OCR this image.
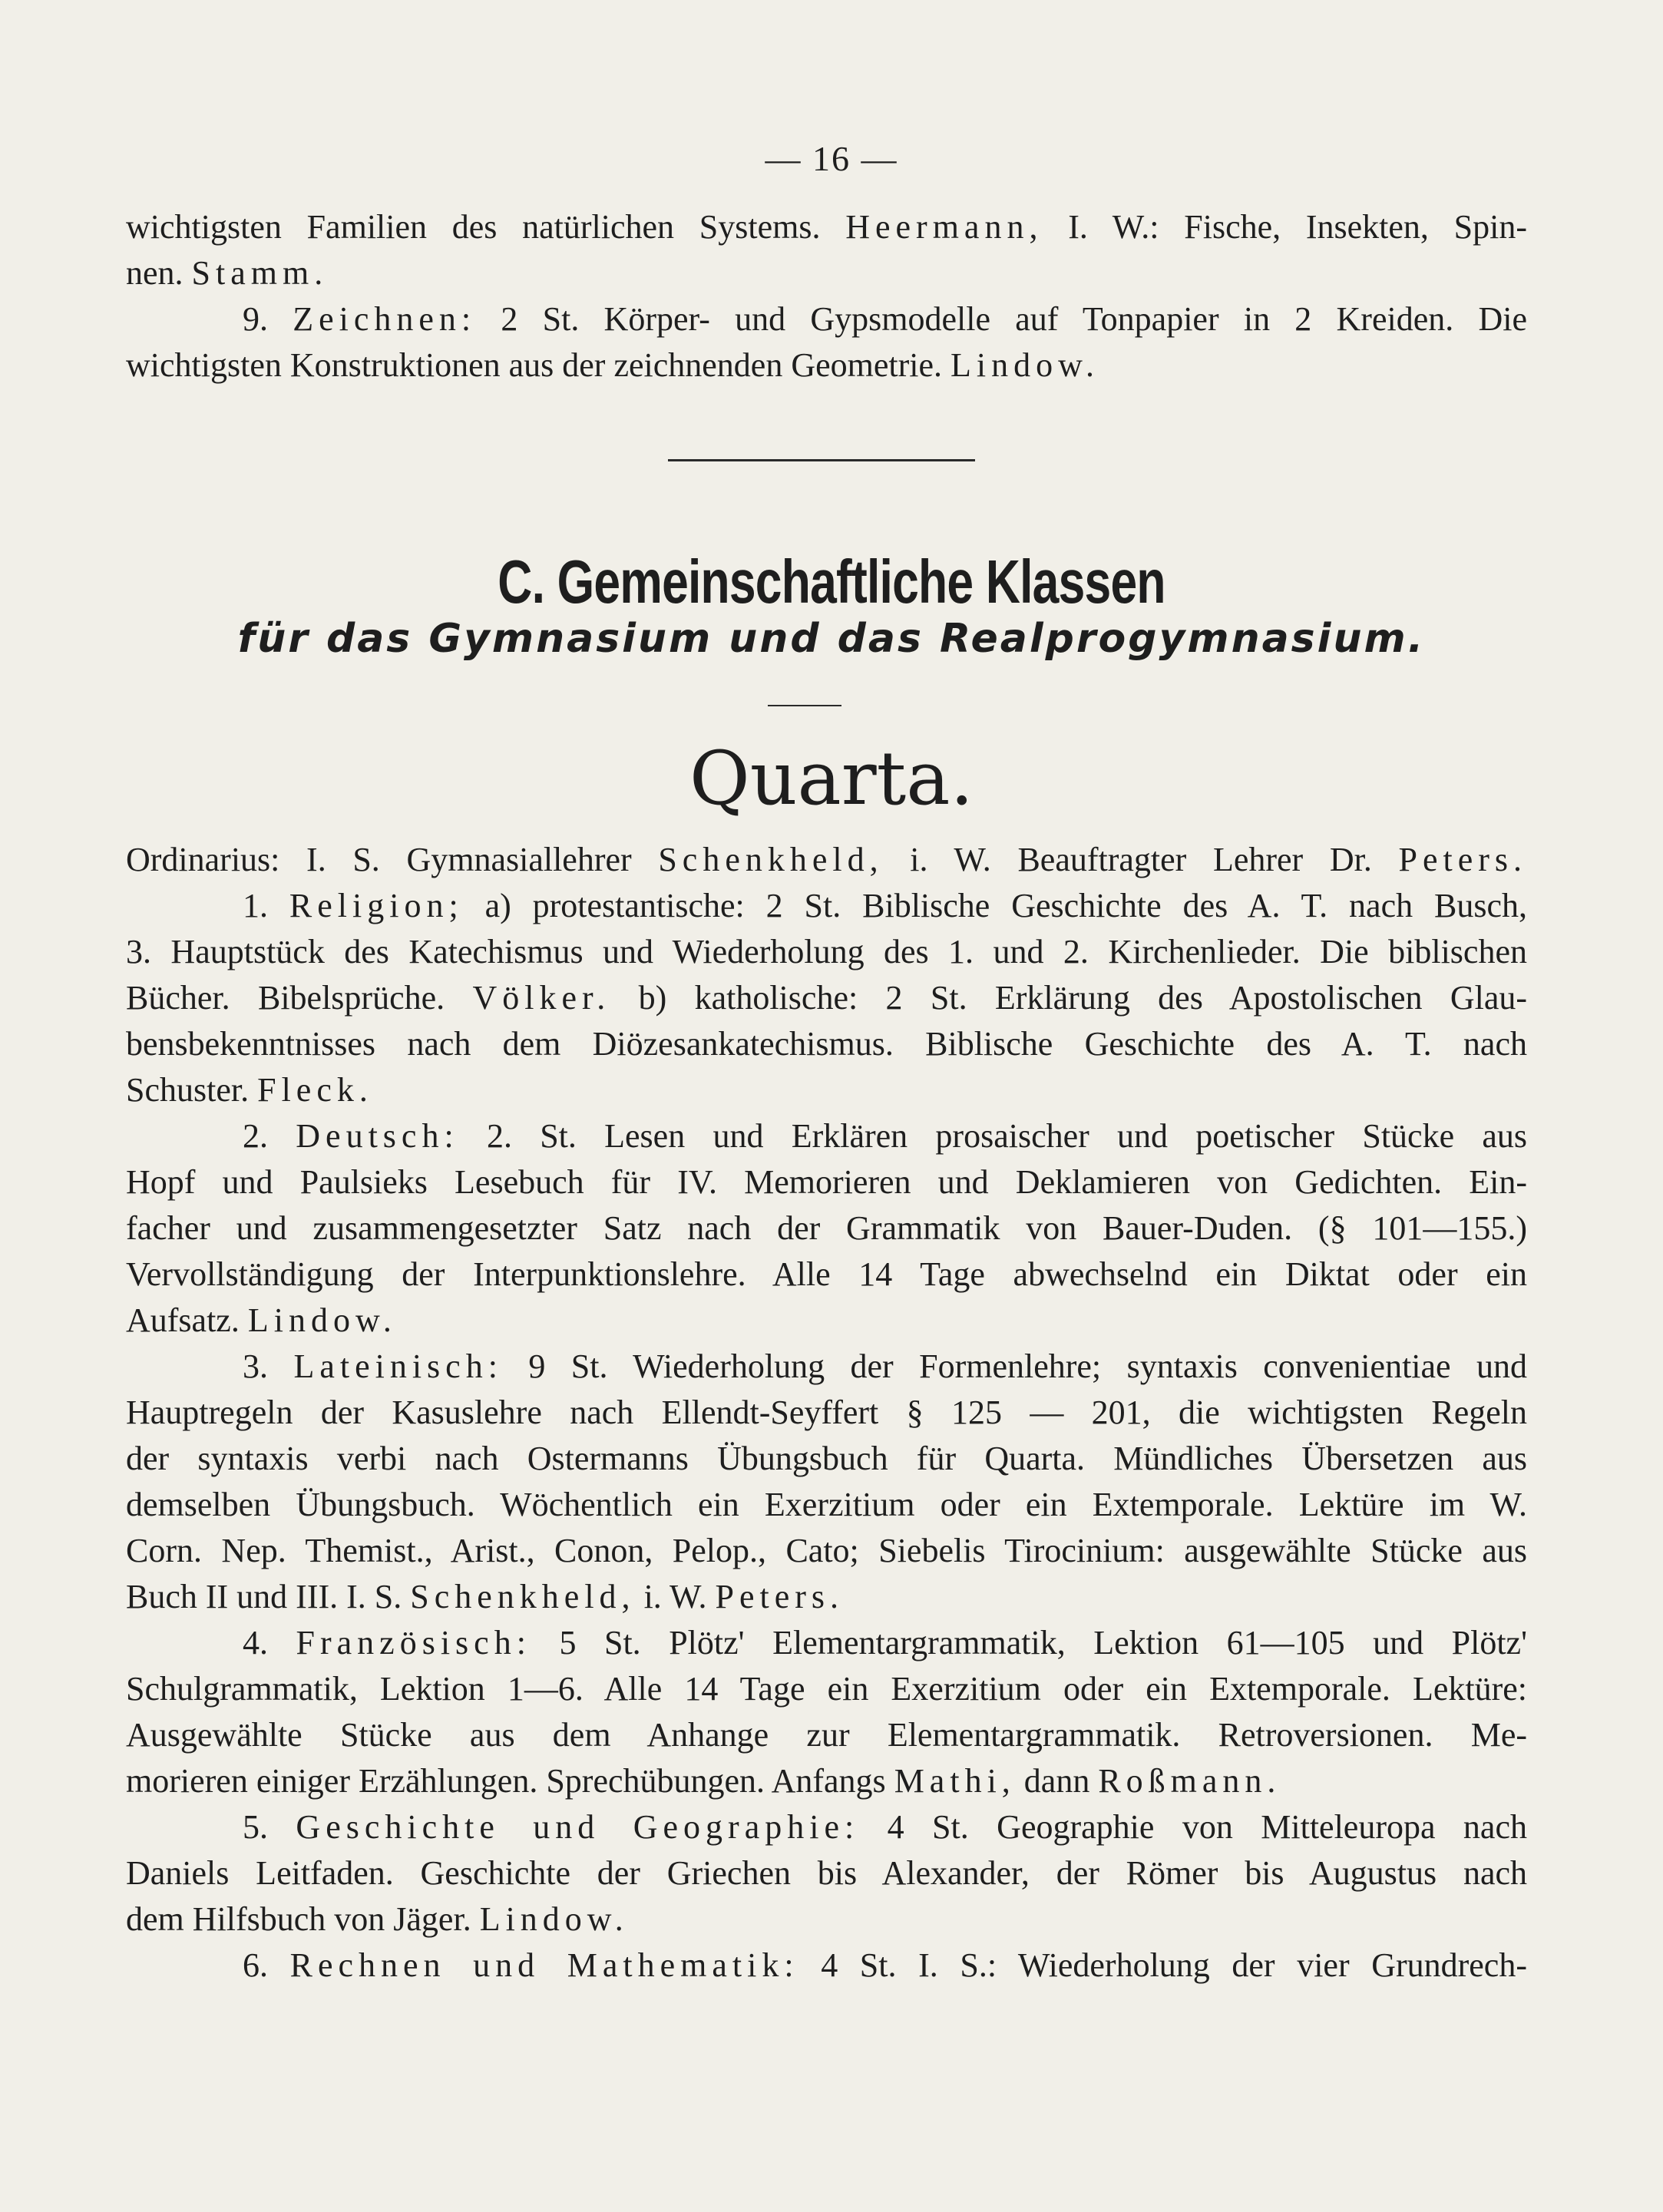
— 16 —
wichtigsten Familien des natürlichen Systems. Heermann, I. W.: Fische, Insekten, Spin-
nen. Stamm.
9. Zeichnen: 2 St. Körper- und Gypsmodelle auf Tonpapier in 2 Kreiden. Die
wichtigsten Konstruktionen aus der zeichnenden Geometrie. Lindow.
C. Gemeinschaftliche Klassen
für das Gymnasium und das Realprogymnasium.
Quarta.
Ordinarius: I. S. Gymnasiallehrer Schenkheld, i. W. Beauftragter Lehrer Dr. Peters.
1. Religion; a) protestantische: 2 St. Biblische Geschichte des A. T. nach Busch,
3. Hauptstück des Katechismus und Wiederholung des 1. und 2. Kirchenlieder. Die biblischen
Bücher. Bibelsprüche. Völker. b) katholische: 2 St. Erklärung des Apostolischen Glau-
bensbekenntnisses nach dem Diözesankatechismus. Biblische Geschichte des A. T. nach
Schuster. Fleck.
2. Deutsch: 2. St. Lesen und Erklären prosaischer und poetischer Stücke aus
Hopf und Paulsieks Lesebuch für IV. Memorieren und Deklamieren von Gedichten. Ein-
facher und zusammengesetzter Satz nach der Grammatik von Bauer-Duden. (§ 101—155.)
Vervollständigung der Interpunktionslehre. Alle 14 Tage abwechselnd ein Diktat oder ein
Aufsatz. Lindow.
3. Lateinisch: 9 St. Wiederholung der Formenlehre; syntaxis convenientiae und
Hauptregeln der Kasuslehre nach Ellendt-Seyffert § 125 — 201, die wichtigsten Regeln
der syntaxis verbi nach Ostermanns Übungsbuch für Quarta. Mündliches Übersetzen aus
demselben Übungsbuch. Wöchentlich ein Exerzitium oder ein Extemporale. Lektüre im W.
Corn. Nep. Themist., Arist., Conon, Pelop., Cato; Siebelis Tirocinium: ausgewählte Stücke aus
Buch II und III. I. S. Schenkheld, i. W. Peters.
4. Französisch: 5 St. Plötz' Elementargrammatik, Lektion 61—105 und Plötz'
Schulgrammatik, Lektion 1—6. Alle 14 Tage ein Exerzitium oder ein Extemporale. Lektüre:
Ausgewählte Stücke aus dem Anhange zur Elementargrammatik. Retroversionen. Me-
morieren einiger Erzählungen. Sprechübungen. Anfangs Mathi, dann Roßmann.
5. Geschichte und Geographie: 4 St. Geographie von Mitteleuropa nach
Daniels Leitfaden. Geschichte der Griechen bis Alexander, der Römer bis Augustus nach
dem Hilfsbuch von Jäger. Lindow.
6. Rechnen und Mathematik: 4 St. I. S.: Wiederholung der vier Grundrech-
